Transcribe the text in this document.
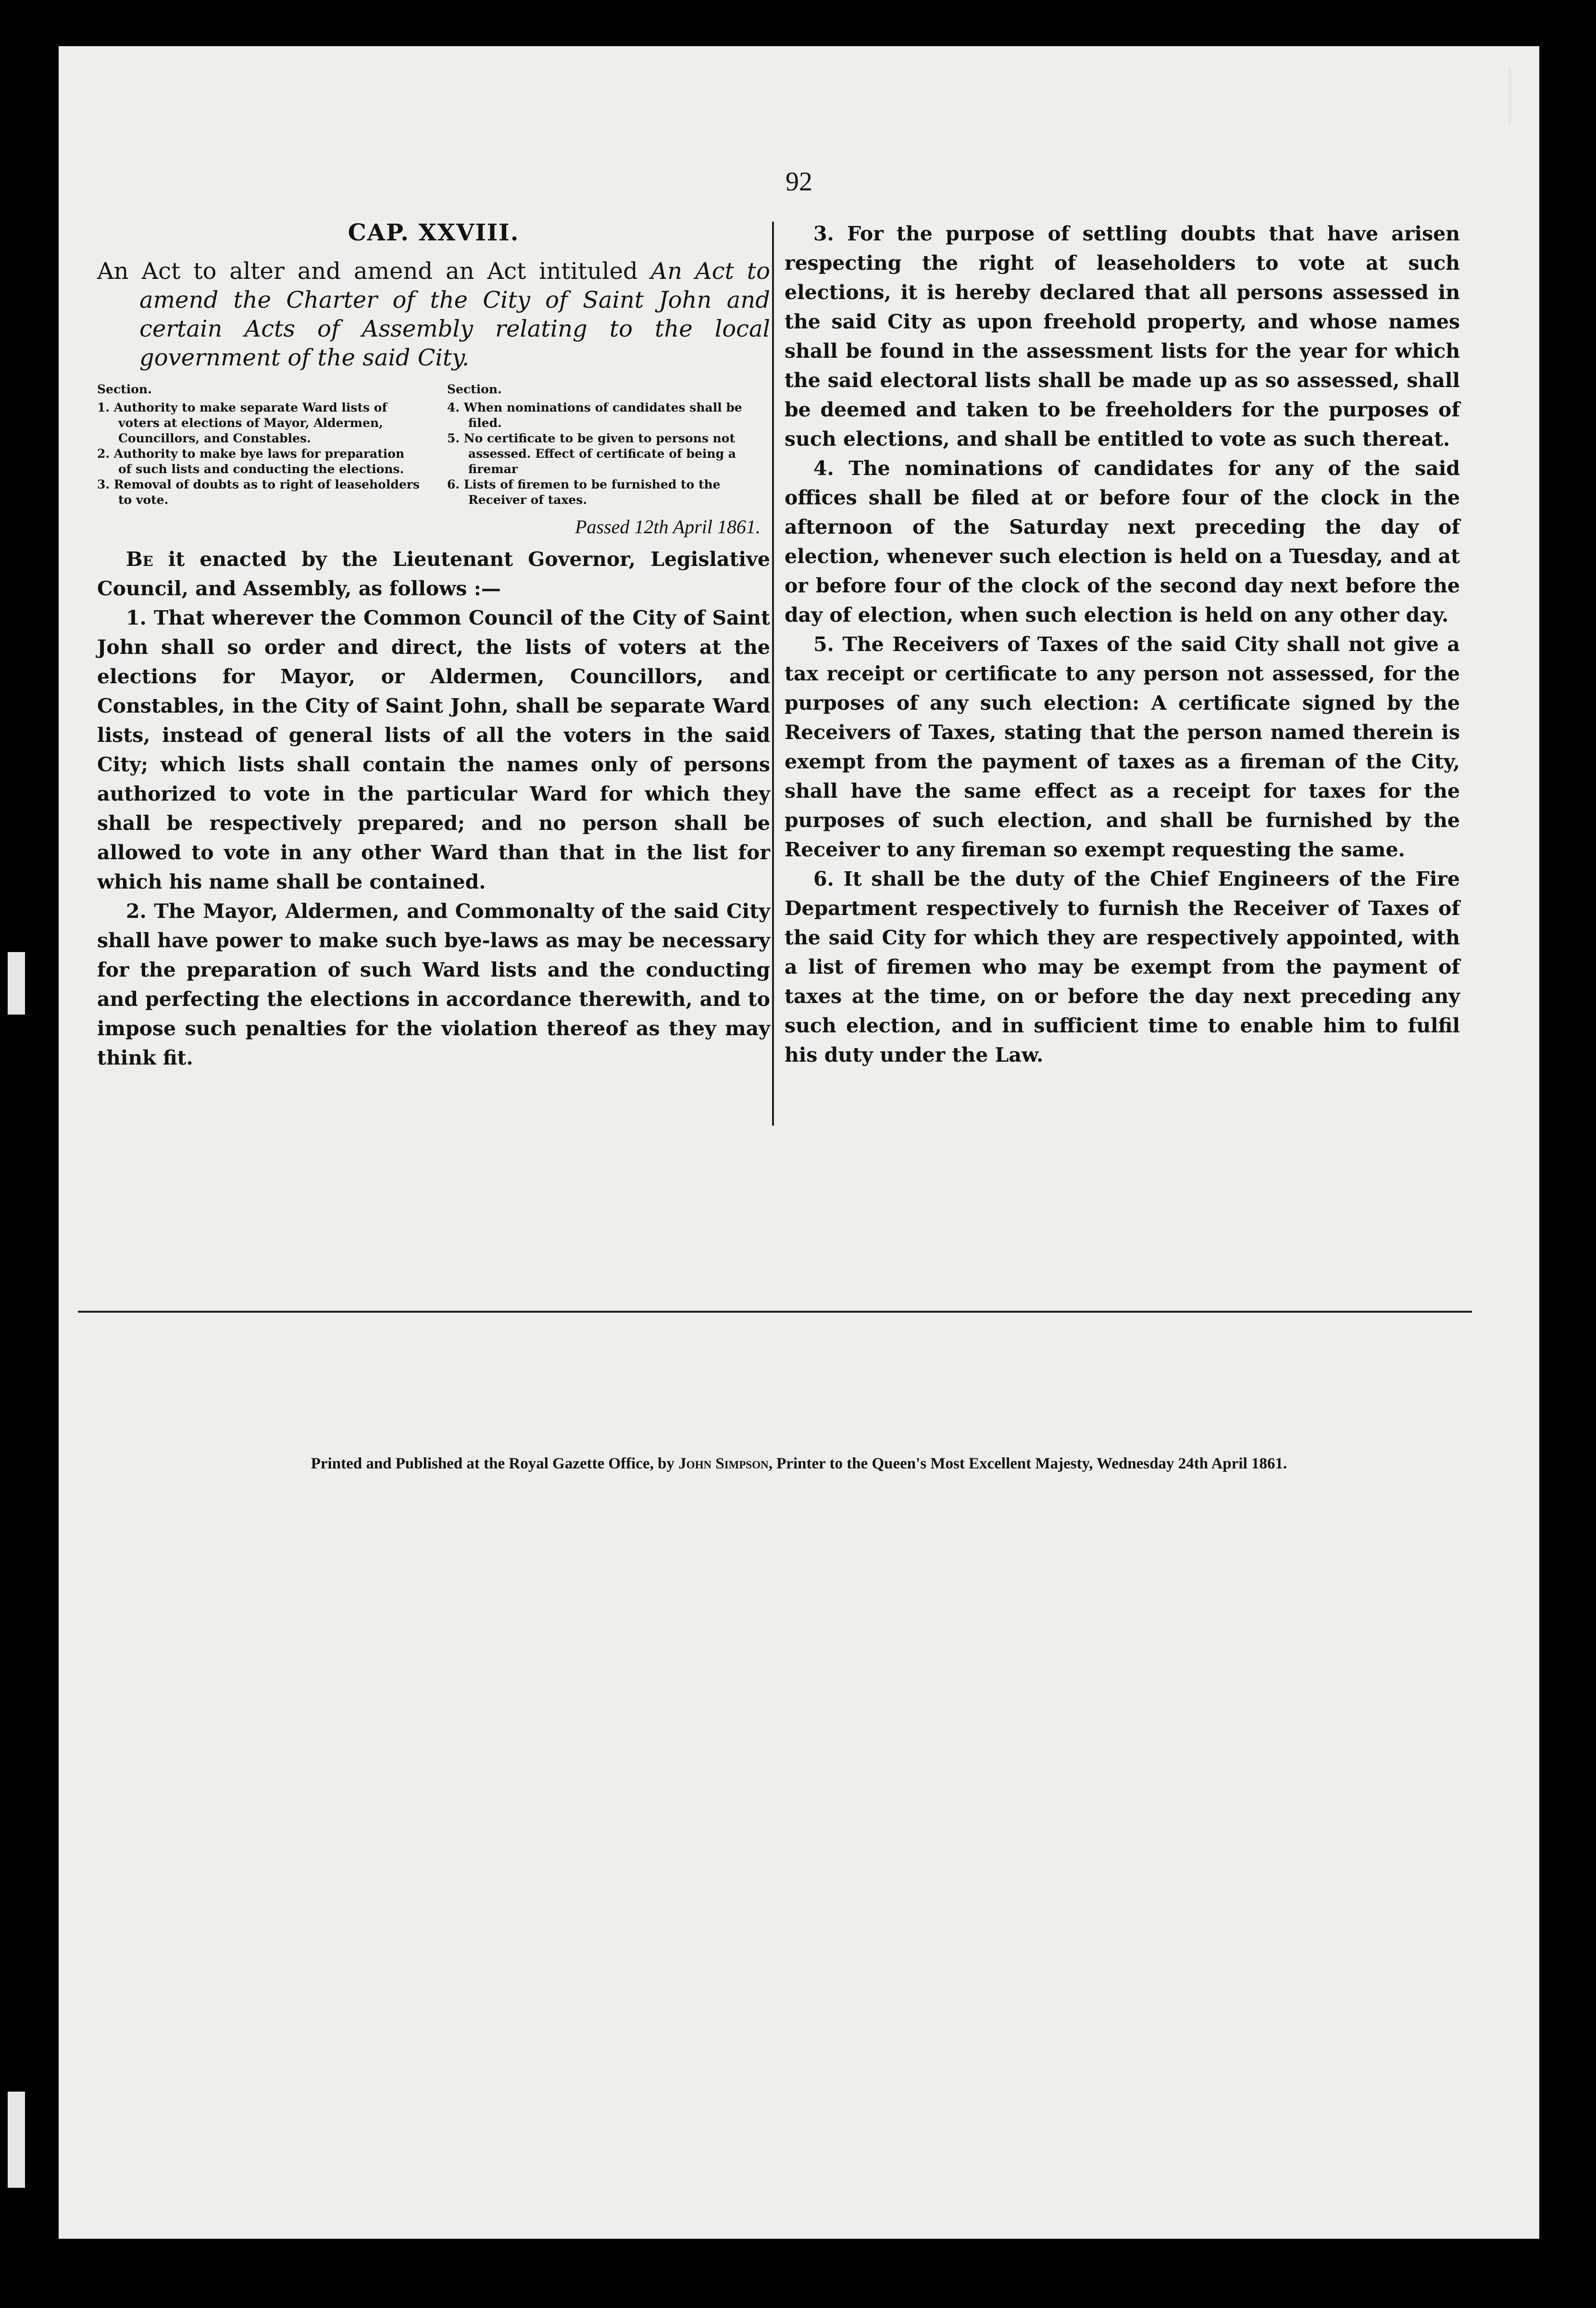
92
CAP. XXVIII.

An Act to alter and amend an Act intituled An Act to amend the Charter of the City of Saint John and certain Acts of Assembly relating to the local government of the said City.

Section.

1. Authority to make separate Ward lists of voters at elections of Mayor, Aldermen, Councillors, and Constables.

2. Authority to make bye laws for preparation of such lists and conducting the elections.

3. Removal of doubts as to right of leaseholders to vote.

Section.

4. When nominations of candidates shall be filed.

5. No certificate to be given to persons not assessed. Effect of certificate of being a firemar

6. Lists of firemen to be furnished to the Receiver of taxes.

Passed 12th April 1861.

Be it enacted by the Lieutenant Governor, Legislative Council, and Assembly, as follows :—

1. That wherever the Common Council of the City of Saint John shall so order and direct, the lists of voters at the elections for Mayor, or Aldermen, Councillors, and Constables, in the City of Saint John, shall be separate Ward lists, instead of general lists of all the voters in the said City; which lists shall contain the names only of persons authorized to vote in the particular Ward for which they shall be respectively prepared; and no person shall be allowed to vote in any other Ward than that in the list for which his name shall be contained.

2. The Mayor, Aldermen, and Commonalty of the said City shall have power to make such bye-laws as may be necessary for the preparation of such Ward lists and the conducting and perfecting the elections in accordance therewith, and to impose such penalties for the violation thereof as they may think fit.

3. For the purpose of settling doubts that have arisen respecting the right of leaseholders to vote at such elections, it is hereby declared that all persons assessed in the said City as upon freehold property, and whose names shall be found in the assessment lists for the year for which the said electoral lists shall be made up as so assessed, shall be deemed and taken to be freeholders for the purposes of such elections, and shall be entitled to vote as such thereat.

4. The nominations of candidates for any of the said offices shall be filed at or before four of the clock in the afternoon of the Saturday next preceding the day of election, whenever such election is held on a Tuesday, and at or before four of the clock of the second day next before the day of election, when such election is held on any other day.

5. The Receivers of Taxes of the said City shall not give a tax receipt or certificate to any person not assessed, for the purposes of any such election: A certificate signed by the Receivers of Taxes, stating that the person named therein is exempt from the payment of taxes as a fireman of the City, shall have the same effect as a receipt for taxes for the purposes of such election, and shall be furnished by the Receiver to any fireman so exempt requesting the same.

6. It shall be the duty of the Chief Engineers of the Fire Department respectively to furnish the Receiver of Taxes of the said City for which they are respectively appointed, with a list of firemen who may be exempt from the payment of taxes at the time, on or before the day next preceding any such election, and in sufficient time to enable him to fulfil his duty under the Law.

Printed and Published at the Royal Gazette Office, by John Simpson, Printer to the Queen's Most Excellent Majesty, Wednesday 24th April 1861.
